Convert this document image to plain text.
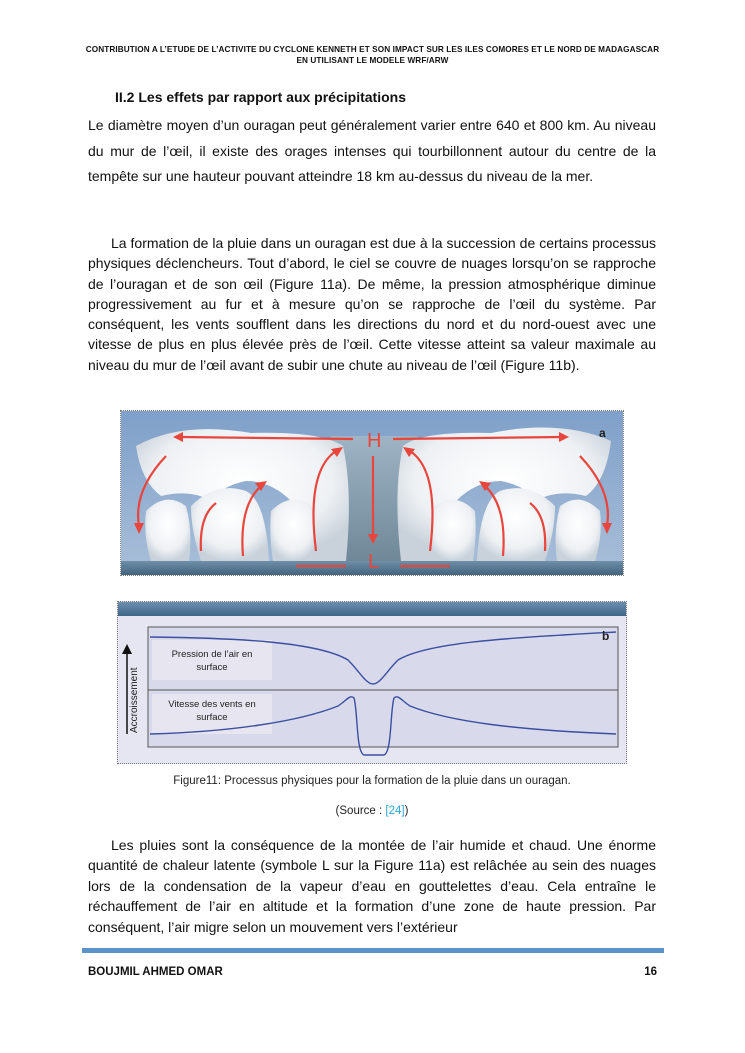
CONTRIBUTION A L’ETUDE DE L’ACTIVITE DU CYCLONE KENNETH ET SON IMPACT SUR LES ILES COMORES ET LE NORD DE MADAGASCAR
EN UTILISANT LE MODELE WRF/ARW
II.2 Les effets par rapport aux précipitations

Le diamètre moyen d’un ouragan peut généralement varier entre 640 et 800 km. Au niveau du mur de l’œil, il existe des orages intenses qui tourbillonnent autour du centre de la tempête sur une hauteur pouvant atteindre 18 km au-dessus du niveau de la mer.

La formation de la pluie dans un ouragan est due à la succession de certains processus physiques déclencheurs. Tout d’abord, le ciel se couvre de nuages lorsqu’on se rapproche de l’ouragan et de son œil (Figure 11a). De même, la pression atmosphérique diminue progressivement au fur et à mesure qu’on se rapproche de l’œil du système. Par conséquent, les vents soufflent dans les directions du nord et du nord-ouest avec une vitesse de plus en plus élevée près de l’œil. Cette vitesse atteint sa valeur maximale au niveau du mur de l’œil avant de subir une chute au niveau de l’œil (Figure 11b).

H
L
a
Accroissement
Pression de l’air en
surface
Vitesse des vents en
surface
b
Figure11: Processus physiques pour la formation de la pluie dans un ouragan.
(Source : [24])

Les pluies sont la conséquence de la montée de l’air humide et chaud. Une énorme quantité de chaleur latente (symbole L sur la Figure 11a) est relâchée au sein des nuages lors de la condensation de la vapeur d’eau en gouttelettes d’eau. Cela entraîne le réchauffement de l’air en altitude et la formation d’une zone de haute pression. Par conséquent, l’air migre selon un mouvement vers l’extérieur

BOUJMIL AHMED OMAR	16
